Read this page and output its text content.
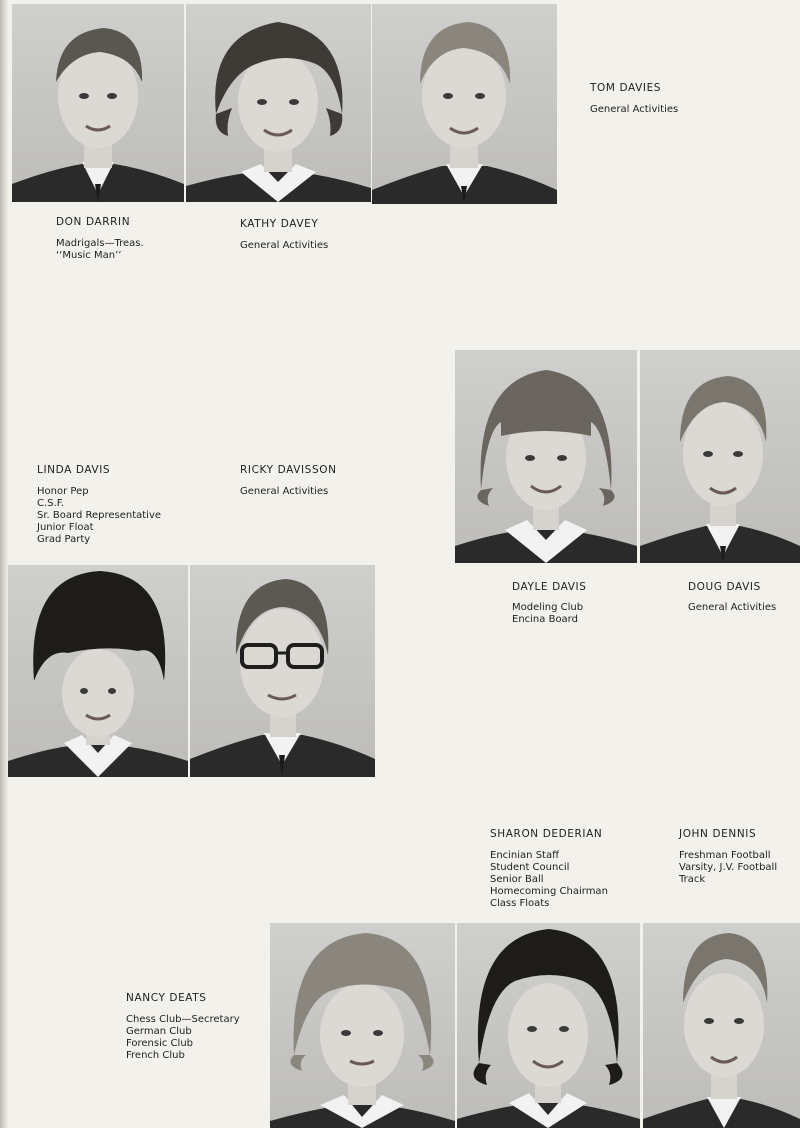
DON DARRIN
Madrigals—Treas.
‘‘Music Man’’
KATHY DAVEY
General Activities
TOM DAVIES
General Activities
LINDA DAVIS
Honor Pep
C.S.F.
Sr. Board Representative
Junior Float
Grad Party
RICKY DAVISSON
General Activities
DAYLE DAVIS
Modeling Club
Encina Board
DOUG DAVIS
General Activities
SHARON DEDERIAN
Encinian Staff
Student Council
Senior Ball
Homecoming Chairman
Class Floats
JOHN DENNIS
Freshman Football
Varsity, J.V. Football
Track
NANCY DEATS
Chess Club—Secretary
German Club
Forensic Club
French Club
